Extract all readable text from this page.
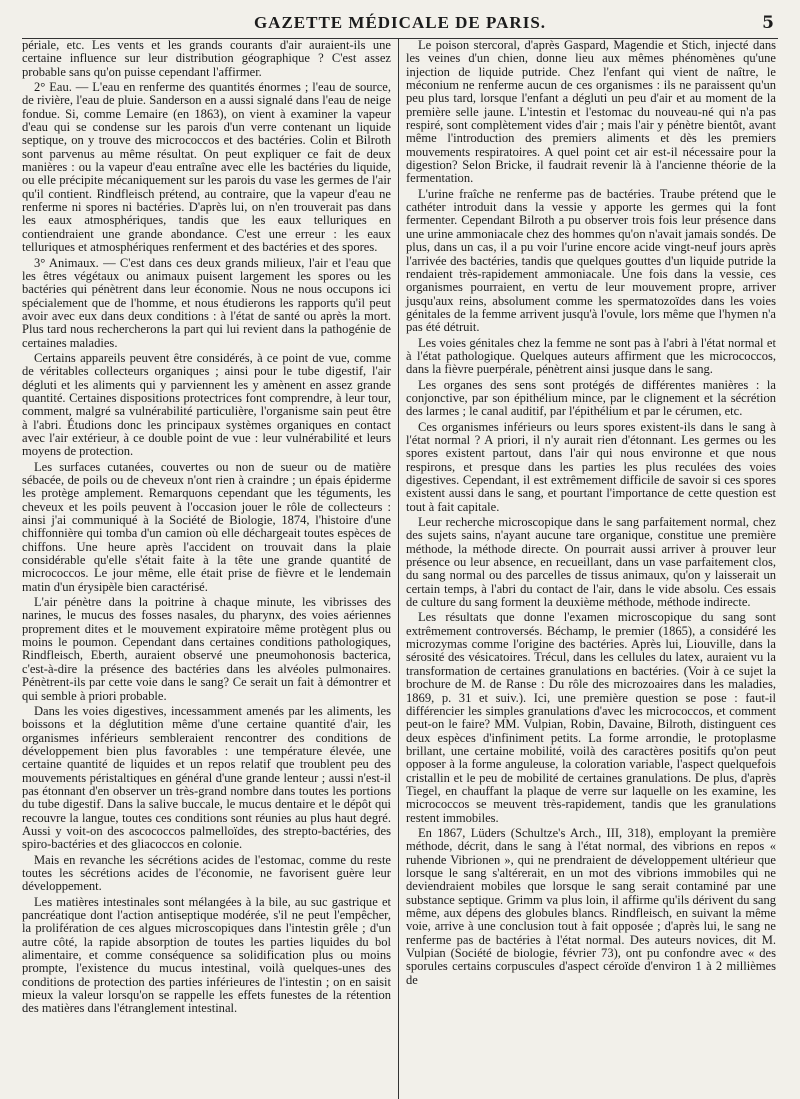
GAZETTE MÉDICALE DE PARIS.	5

périale, etc. Les vents et les grands courants d'air auraient-ils une certaine influence sur leur distribution géographique ? C'est assez probable sans qu'on puisse cependant l'affirmer.

2° Eau. — L'eau en renferme des quantités énormes ; l'eau de source, de rivière, l'eau de pluie. Sanderson en a aussi signalé dans l'eau de neige fondue. Si, comme Lemaire (en 1863), on vient à examiner la vapeur d'eau qui se condense sur les parois d'un verre contenant un liquide septique, on y trouve des micrococcos et des bactéries. Colin et Bilroth sont parvenus au même résultat. On peut expliquer ce fait de deux manières : ou la vapeur d'eau entraîne avec elle les bactéries du liquide, ou elle précipite mécaniquement sur les parois du vase les germes de l'air qu'il contient. Rindfleisch prétend, au contraire, que la vapeur d'eau ne renferme ni spores ni bactéries. D'après lui, on n'en trouverait pas dans les eaux atmosphériques, tandis que les eaux telluriques en contiendraient une grande abondance. C'est une erreur : les eaux telluriques et atmosphériques renferment et des bactéries et des spores.

3° Animaux. — C'est dans ces deux grands milieux, l'air et l'eau que les êtres végétaux ou animaux puisent largement les spores ou les bactéries qui pénètrent dans leur économie. Nous ne nous occupons ici spécialement que de l'homme, et nous étudierons les rapports qu'il peut avoir avec eux dans deux conditions : à l'état de santé ou après la mort. Plus tard nous rechercherons la part qui lui revient dans la pathogénie de certaines maladies.

Certains appareils peuvent être considérés, à ce point de vue, comme de véritables collecteurs organiques ; ainsi pour le tube digestif, l'air dégluti et les aliments qui y parviennent les y amènent en assez grande quantité. Certaines dispositions protectrices font comprendre, à leur tour, comment, malgré sa vulnérabilité particulière, l'organisme sain peut être à l'abri. Étudions donc les principaux systèmes organiques en contact avec l'air extérieur, à ce double point de vue : leur vulnérabilité et leurs moyens de protection.

Les surfaces cutanées, couvertes ou non de sueur ou de matière sébacée, de poils ou de cheveux n'ont rien à craindre ; un épais épiderme les protège amplement. Remarquons cependant que les téguments, les cheveux et les poils peuvent à l'occasion jouer le rôle de collecteurs : ainsi j'ai communiqué à la Société de Biologie, 1874, l'histoire d'une chiffonnière qui tomba d'un camion où elle déchargeait toutes espèces de chiffons. Une heure après l'accident on trouvait dans la plaie considérable qu'elle s'était faite à la tête une grande quantité de micrococcos. Le jour même, elle était prise de fièvre et le lendemain matin d'un érysipèle bien caractérisé.

L'air pénètre dans la poitrine à chaque minute, les vibrisses des narines, le mucus des fosses nasales, du pharynx, des voies aériennes proprement dites et le mouvement expiratoire même protègent plus ou moins le poumon. Cependant dans certaines conditions pathologiques, Rindfleisch, Eberth, auraient observé une pneumohonosis bacterica, c'est-à-dire la présence des bactéries dans les alvéoles pulmonaires. Pénètrent-ils par cette voie dans le sang? Ce serait un fait à démontrer et qui semble à priori probable.

Dans les voies digestives, incessamment amenés par les aliments, les boissons et la déglutition même d'une certaine quantité d'air, les organismes inférieurs sembleraient rencontrer des conditions de développement bien plus favorables : une température élevée, une certaine quantité de liquides et un repos relatif que troublent peu des mouvements péristaltiques en général d'une grande lenteur ; aussi n'est-il pas étonnant d'en observer un très-grand nombre dans toutes les portions du tube digestif. Dans la salive buccale, le mucus dentaire et le dépôt qui recouvre la langue, toutes ces conditions sont réunies au plus haut degré. Aussi y voit-on des ascococcos palmelloïdes, des strepto-bactéries, des spiro-bactéries et des gliacoccos en colonie.

Mais en revanche les sécrétions acides de l'estomac, comme du reste toutes les sécrétions acides de l'économie, ne favorisent guère leur développement.

Les matières intestinales sont mélangées à la bile, au suc gastrique et pancréatique dont l'action antiseptique modérée, s'il ne peut l'empêcher, la prolifération de ces algues microscopiques dans l'intestin grêle ; d'un autre côté, la rapide absorption de toutes les parties liquides du bol alimentaire, et comme conséquence sa solidification plus ou moins prompte, l'existence du mucus intestinal, voilà quelques-unes des conditions de protection des parties inférieures de l'intestin ; on en saisit mieux la valeur lorsqu'on se rappelle les effets funestes de la rétention des matières dans l'étranglement intestinal.

Le poison stercoral, d'après Gaspard, Magendie et Stich, injecté dans les veines d'un chien, donne lieu aux mêmes phénomènes qu'une injection de liquide putride. Chez l'enfant qui vient de naître, le méconium ne renferme aucun de ces organismes : ils ne paraissent qu'un peu plus tard, lorsque l'enfant a dégluti un peu d'air et au moment de la première selle jaune. L'intestin et l'estomac du nouveau-né qui n'a pas respiré, sont complètement vides d'air ; mais l'air y pénètre bientôt, avant même l'introduction des premiers aliments et dès les premiers mouvements respiratoires. A quel point cet air est-il nécessaire pour la digestion? Selon Bricke, il faudrait revenir là à l'ancienne théorie de la fermentation.

L'urine fraîche ne renferme pas de bactéries. Traube prétend que le cathéter introduit dans la vessie y apporte les germes qui la font fermenter. Cependant Bilroth a pu observer trois fois leur présence dans une urine ammoniacale chez des hommes qu'on n'avait jamais sondés. De plus, dans un cas, il a pu voir l'urine encore acide vingt-neuf jours après l'arrivée des bactéries, tandis que quelques gouttes d'un liquide putride la rendaient très-rapidement ammoniacale. Une fois dans la vessie, ces organismes pourraient, en vertu de leur mouvement propre, arriver jusqu'aux reins, absolument comme les spermatozoïdes dans les voies génitales de la femme arrivent jusqu'à l'ovule, lors même que l'hymen n'a pas été détruit.

Les voies génitales chez la femme ne sont pas à l'abri à l'état normal et à l'état pathologique. Quelques auteurs affirment que les micrococcos, dans la fièvre puerpérale, pénètrent ainsi jusque dans le sang.

Les organes des sens sont protégés de différentes manières : la conjonctive, par son épithélium mince, par le clignement et la sécrétion des larmes ; le canal auditif, par l'épithélium et par le cérumen, etc.

Ces organismes inférieurs ou leurs spores existent-ils dans le sang à l'état normal ? A priori, il n'y aurait rien d'étonnant. Les germes ou les spores existent partout, dans l'air qui nous environne et que nous respirons, et presque dans les parties les plus reculées des voies digestives. Cependant, il est extrêmement difficile de savoir si ces spores existent aussi dans le sang, et pourtant l'importance de cette question est tout à fait capitale.

Leur recherche microscopique dans le sang parfaitement normal, chez des sujets sains, n'ayant aucune tare organique, constitue une première méthode, la méthode directe. On pourrait aussi arriver à prouver leur présence ou leur absence, en recueillant, dans un vase parfaitement clos, du sang normal ou des parcelles de tissus animaux, qu'on y laisserait un certain temps, à l'abri du contact de l'air, dans le vide absolu. Ces essais de culture du sang forment la deuxième méthode, méthode indirecte.

Les résultats que donne l'examen microscopique du sang sont extrêmement controversés. Béchamp, le premier (1865), a considéré les microzymas comme l'origine des bactéries. Après lui, Liouville, dans la sérosité des vésicatoires. Trécul, dans les cellules du latex, auraient vu la transformation de certaines granulations en bactéries. (Voir à ce sujet la brochure de M. de Ranse : Du rôle des microzoaires dans les maladies, 1869, p. 31 et suiv.). Ici, une première question se pose : faut-il différencier les simples granulations d'avec les micrococcos, et comment peut-on le faire? MM. Vulpian, Robin, Davaine, Bilroth, distinguent ces deux espèces d'infiniment petits. La forme arrondie, le protoplasme brillant, une certaine mobilité, voilà des caractères positifs qu'on peut opposer à la forme anguleuse, la coloration variable, l'aspect quelquefois cristallin et le peu de mobilité de certaines granulations. De plus, d'après Tiegel, en chauffant la plaque de verre sur laquelle on les examine, les micrococcos se meuvent très-rapidement, tandis que les granulations restent immobiles.

En 1867, Lüders (Schultze's Arch., III, 318), employant la première méthode, décrit, dans le sang à l'état normal, des vibrions en repos « ruhende Vibrionen », qui ne prendraient de développement ultérieur que lorsque le sang s'altérerait, en un mot des vibrions immobiles qui ne deviendraient mobiles que lorsque le sang serait contaminé par une substance septique. Grimm va plus loin, il affirme qu'ils dérivent du sang même, aux dépens des globules blancs. Rindfleisch, en suivant la même voie, arrive à une conclusion tout à fait opposée ; d'après lui, le sang ne renferme pas de bactéries à l'état normal. Des auteurs novices, dit M. Vulpian (Société de biologie, février 73), ont pu confondre avec « des sporules certains corpuscules d'aspect céroïde d'environ 1 à 2 millièmes de
